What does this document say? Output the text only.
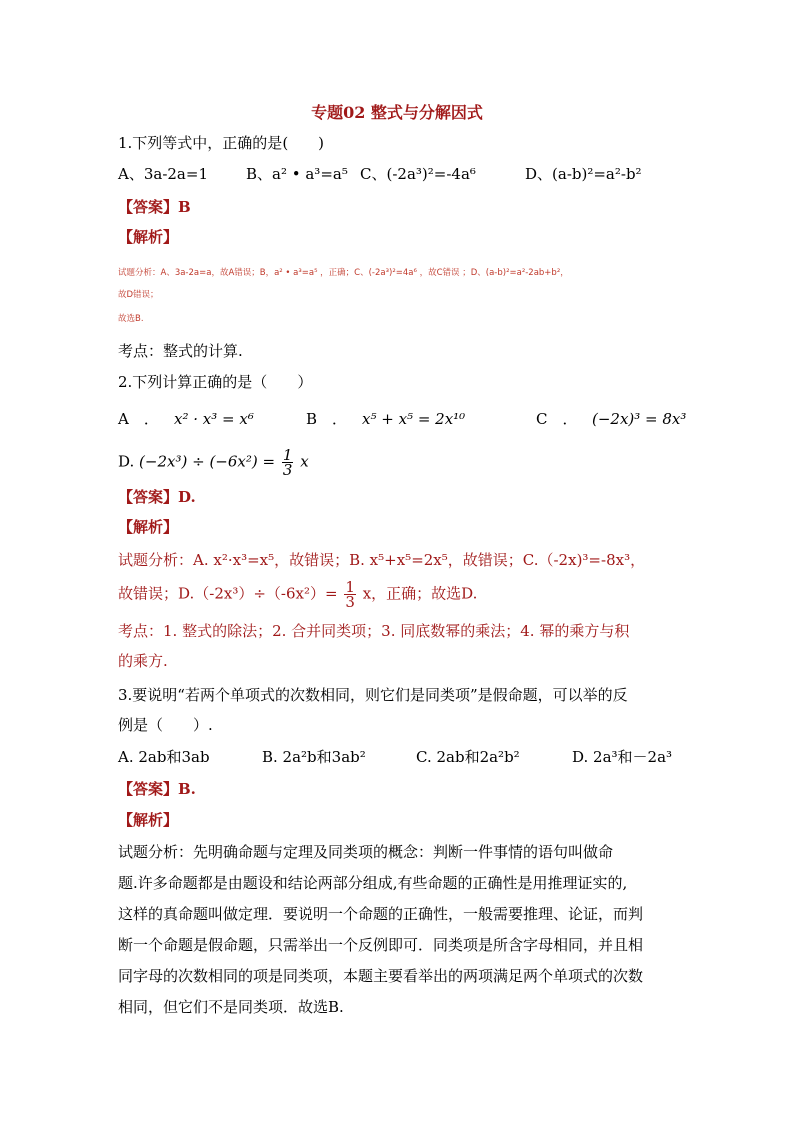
专题02 整式与分解因式
1.下列等式中，正确的是(　　)
A、3a-2a=1	B、a² • a³=a⁵ C、(-2a³)²=-4a⁶	D、(a-b)²=a²-b²
【答案】B
【解析】
试题分析：A、3a-2a=a，故A错误；B，a² • a³=a⁵ ，正确；C、(-2a³)²=4a⁶ ，故C错误 ；D、(a-b)²=a²-2ab+b²，
故D错误；
故选B.
考点：整式的计算.
2.下列计算正确的是（　　）
A　． x² · x³ = x⁶	B　． x⁵ + x⁵ = 2x¹⁰	C　． (−2x)³ = 8x³
D. $(-2x^3) \div (-6x^2) = \frac{1}{3}$ x
【答案】D.
【解析】
试题分析：A. x²·x³=x⁵，故错误；B. x⁵+x⁵=2x⁵，故错误；C.（-2x)³=-8x³，
故错误；$D.(-2x^3)\div(-6x^2)= \frac{1}{3}$ x，正确；故选D.
考点：1. 整式的除法；2. 合并同类项；3. 同底数幂的乘法；4. 幂的乘方与积
的乘方.
3.要说明“若两个单项式的次数相同，则它们是同类项”是假命题，可以举的反
例是（　　）.
A. 2ab和3ab	B. 2a²b和3ab²	C. 2ab和2a²b²	D. 2a³和－2a³
【答案】B.
【解析】
试题分析：先明确命题与定理及同类项的概念：判断一件事情的语句叫做命
题.许多命题都是由题设和结论两部分组成,有些命题的正确性是用推理证实的,
这样的真命题叫做定理．要说明一个命题的正确性，一般需要推理、论证，而判
断一个命题是假命题，只需举出一个反例即可．同类项是所含字母相同，并且相
同字母的次数相同的项是同类项，本题主要看举出的两项满足两个单项式的次数
相同，但它们不是同类项．故选B.
